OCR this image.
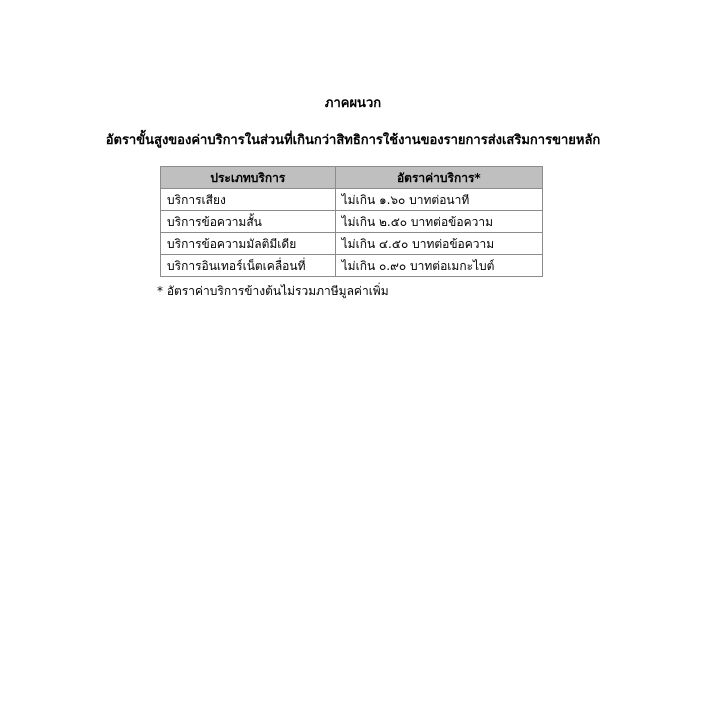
ภาคผนวก
อัตราขั้นสูงของค่าบริการในส่วนที่เกินกว่าสิทธิการใช้งานของรายการส่งเสริมการขายหลัก
ประเภทบริการ	อัตราค่าบริการ*
บริการเสียง	ไม่เกิน ๑.๖๐ บาทต่อนาที
บริการข้อความสั้น	ไม่เกิน ๒.๕๐ บาทต่อข้อความ
บริการข้อความมัลติมีเดีย	ไม่เกิน ๔.๕๐ บาทต่อข้อความ
บริการอินเทอร์เน็ตเคลื่อนที่	ไม่เกิน ๐.๙๐ บาทต่อเมกะไบต์
* อัตราค่าบริการข้างต้นไม่รวมภาษีมูลค่าเพิ่ม
